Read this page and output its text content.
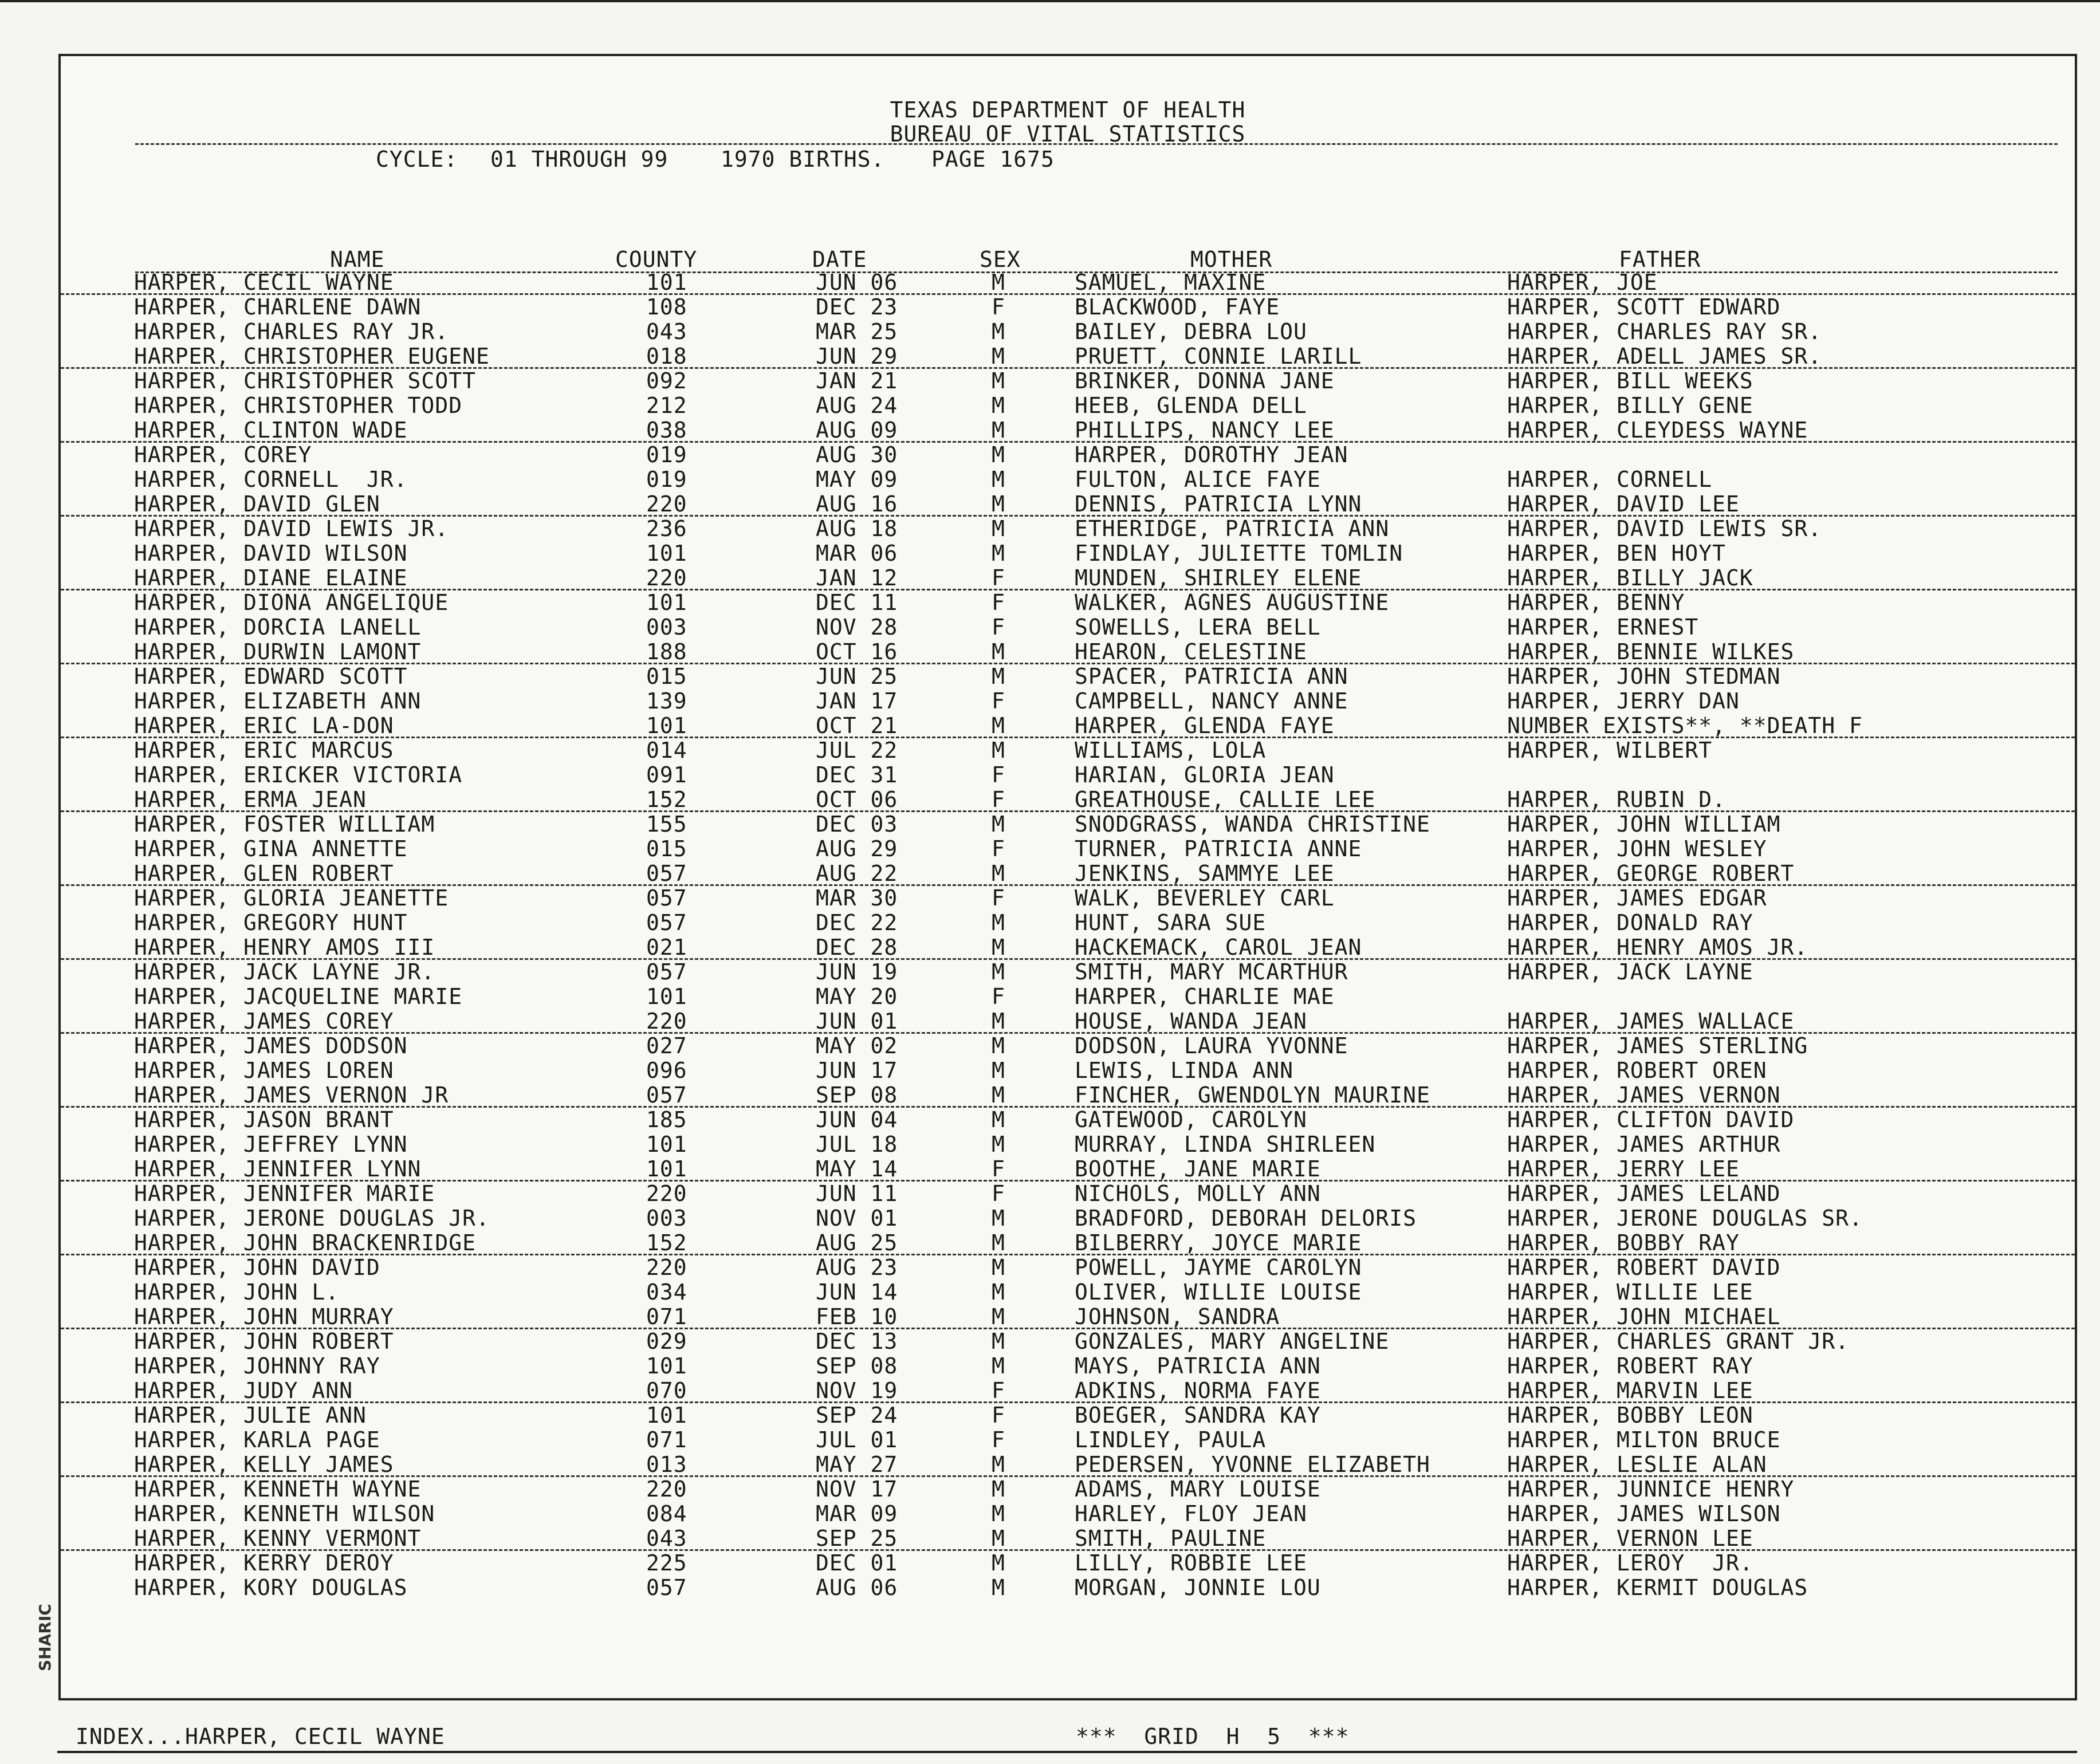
SHARIC
TEXAS DEPARTMENT OF HEALTH
BUREAU OF VITAL STATISTICS
CYCLE: 01 THROUGH 99 1970 BIRTHS. PAGE 1675
NAME	COUNTY	DATE	SEX	MOTHER	FATHER
HARPER, CECIL WAYNE	101	JUN 06	M	SAMUEL, MAXINE	HARPER, JOE
HARPER, CHARLENE DAWN	108	DEC 23	F	BLACKWOOD, FAYE	HARPER, SCOTT EDWARD
HARPER, CHARLES RAY JR.	043	MAR 25	M	BAILEY, DEBRA LOU	HARPER, CHARLES RAY SR.
HARPER, CHRISTOPHER EUGENE	018	JUN 29	M	PRUETT, CONNIE LARILL	HARPER, ADELL JAMES SR.
HARPER, CHRISTOPHER SCOTT	092	JAN 21	M	BRINKER, DONNA JANE	HARPER, BILL WEEKS
HARPER, CHRISTOPHER TODD	212	AUG 24	M	HEEB, GLENDA DELL	HARPER, BILLY GENE
HARPER, CLINTON WADE	038	AUG 09	M	PHILLIPS, NANCY LEE	HARPER, CLEYDESS WAYNE
HARPER, COREY	019	AUG 30	M	HARPER, DOROTHY JEAN
HARPER, CORNELL  JR.	019	MAY 09	M	FULTON, ALICE FAYE	HARPER, CORNELL
HARPER, DAVID GLEN	220	AUG 16	M	DENNIS, PATRICIA LYNN	HARPER, DAVID LEE
HARPER, DAVID LEWIS JR.	236	AUG 18	M	ETHERIDGE, PATRICIA ANN	HARPER, DAVID LEWIS SR.
HARPER, DAVID WILSON	101	MAR 06	M	FINDLAY, JULIETTE TOMLIN	HARPER, BEN HOYT
HARPER, DIANE ELAINE	220	JAN 12	F	MUNDEN, SHIRLEY ELENE	HARPER, BILLY JACK
HARPER, DIONA ANGELIQUE	101	DEC 11	F	WALKER, AGNES AUGUSTINE	HARPER, BENNY
HARPER, DORCIA LANELL	003	NOV 28	F	SOWELLS, LERA BELL	HARPER, ERNEST
HARPER, DURWIN LAMONT	188	OCT 16	M	HEARON, CELESTINE	HARPER, BENNIE WILKES
HARPER, EDWARD SCOTT	015	JUN 25	M	SPACER, PATRICIA ANN	HARPER, JOHN STEDMAN
HARPER, ELIZABETH ANN	139	JAN 17	F	CAMPBELL, NANCY ANNE	HARPER, JERRY DAN
HARPER, ERIC LA-DON	101	OCT 21	M	HARPER, GLENDA FAYE	NUMBER EXISTS**, **DEATH F
HARPER, ERIC MARCUS	014	JUL 22	M	WILLIAMS, LOLA	HARPER, WILBERT
HARPER, ERICKER VICTORIA	091	DEC 31	F	HARIAN, GLORIA JEAN
HARPER, ERMA JEAN	152	OCT 06	F	GREATHOUSE, CALLIE LEE	HARPER, RUBIN D.
HARPER, FOSTER WILLIAM	155	DEC 03	M	SNODGRASS, WANDA CHRISTINE	HARPER, JOHN WILLIAM
HARPER, GINA ANNETTE	015	AUG 29	F	TURNER, PATRICIA ANNE	HARPER, JOHN WESLEY
HARPER, GLEN ROBERT	057	AUG 22	M	JENKINS, SAMMYE LEE	HARPER, GEORGE ROBERT
HARPER, GLORIA JEANETTE	057	MAR 30	F	WALK, BEVERLEY CARL	HARPER, JAMES EDGAR
HARPER, GREGORY HUNT	057	DEC 22	M	HUNT, SARA SUE	HARPER, DONALD RAY
HARPER, HENRY AMOS III	021	DEC 28	M	HACKEMACK, CAROL JEAN	HARPER, HENRY AMOS JR.
HARPER, JACK LAYNE JR.	057	JUN 19	M	SMITH, MARY MCARTHUR	HARPER, JACK LAYNE
HARPER, JACQUELINE MARIE	101	MAY 20	F	HARPER, CHARLIE MAE
HARPER, JAMES COREY	220	JUN 01	M	HOUSE, WANDA JEAN	HARPER, JAMES WALLACE
HARPER, JAMES DODSON	027	MAY 02	M	DODSON, LAURA YVONNE	HARPER, JAMES STERLING
HARPER, JAMES LOREN	096	JUN 17	M	LEWIS, LINDA ANN	HARPER, ROBERT OREN
HARPER, JAMES VERNON JR	057	SEP 08	M	FINCHER, GWENDOLYN MAURINE	HARPER, JAMES VERNON
HARPER, JASON BRANT	185	JUN 04	M	GATEWOOD, CAROLYN	HARPER, CLIFTON DAVID
HARPER, JEFFREY LYNN	101	JUL 18	M	MURRAY, LINDA SHIRLEEN	HARPER, JAMES ARTHUR
HARPER, JENNIFER LYNN	101	MAY 14	F	BOOTHE, JANE MARIE	HARPER, JERRY LEE
HARPER, JENNIFER MARIE	220	JUN 11	F	NICHOLS, MOLLY ANN	HARPER, JAMES LELAND
HARPER, JERONE DOUGLAS JR.	003	NOV 01	M	BRADFORD, DEBORAH DELORIS	HARPER, JERONE DOUGLAS SR.
HARPER, JOHN BRACKENRIDGE	152	AUG 25	M	BILBERRY, JOYCE MARIE	HARPER, BOBBY RAY
HARPER, JOHN DAVID	220	AUG 23	M	POWELL, JAYME CAROLYN	HARPER, ROBERT DAVID
HARPER, JOHN L.	034	JUN 14	M	OLIVER, WILLIE LOUISE	HARPER, WILLIE LEE
HARPER, JOHN MURRAY	071	FEB 10	M	JOHNSON, SANDRA	HARPER, JOHN MICHAEL
HARPER, JOHN ROBERT	029	DEC 13	M	GONZALES, MARY ANGELINE	HARPER, CHARLES GRANT JR.
HARPER, JOHNNY RAY	101	SEP 08	M	MAYS, PATRICIA ANN	HARPER, ROBERT RAY
HARPER, JUDY ANN	070	NOV 19	F	ADKINS, NORMA FAYE	HARPER, MARVIN LEE
HARPER, JULIE ANN	101	SEP 24	F	BOEGER, SANDRA KAY	HARPER, BOBBY LEON
HARPER, KARLA PAGE	071	JUL 01	F	LINDLEY, PAULA	HARPER, MILTON BRUCE
HARPER, KELLY JAMES	013	MAY 27	M	PEDERSEN, YVONNE ELIZABETH	HARPER, LESLIE ALAN
HARPER, KENNETH WAYNE	220	NOV 17	M	ADAMS, MARY LOUISE	HARPER, JUNNICE HENRY
HARPER, KENNETH WILSON	084	MAR 09	M	HARLEY, FLOY JEAN	HARPER, JAMES WILSON
HARPER, KENNY VERMONT	043	SEP 25	M	SMITH, PAULINE	HARPER, VERNON LEE
HARPER, KERRY DEROY	225	DEC 01	M	LILLY, ROBBIE LEE	HARPER, LEROY  JR.
HARPER, KORY DOUGLAS	057	AUG 06	M	MORGAN, JONNIE LOU	HARPER, KERMIT DOUGLAS
INDEX...HARPER, CECIL WAYNE	***  GRID  H  5  ***
